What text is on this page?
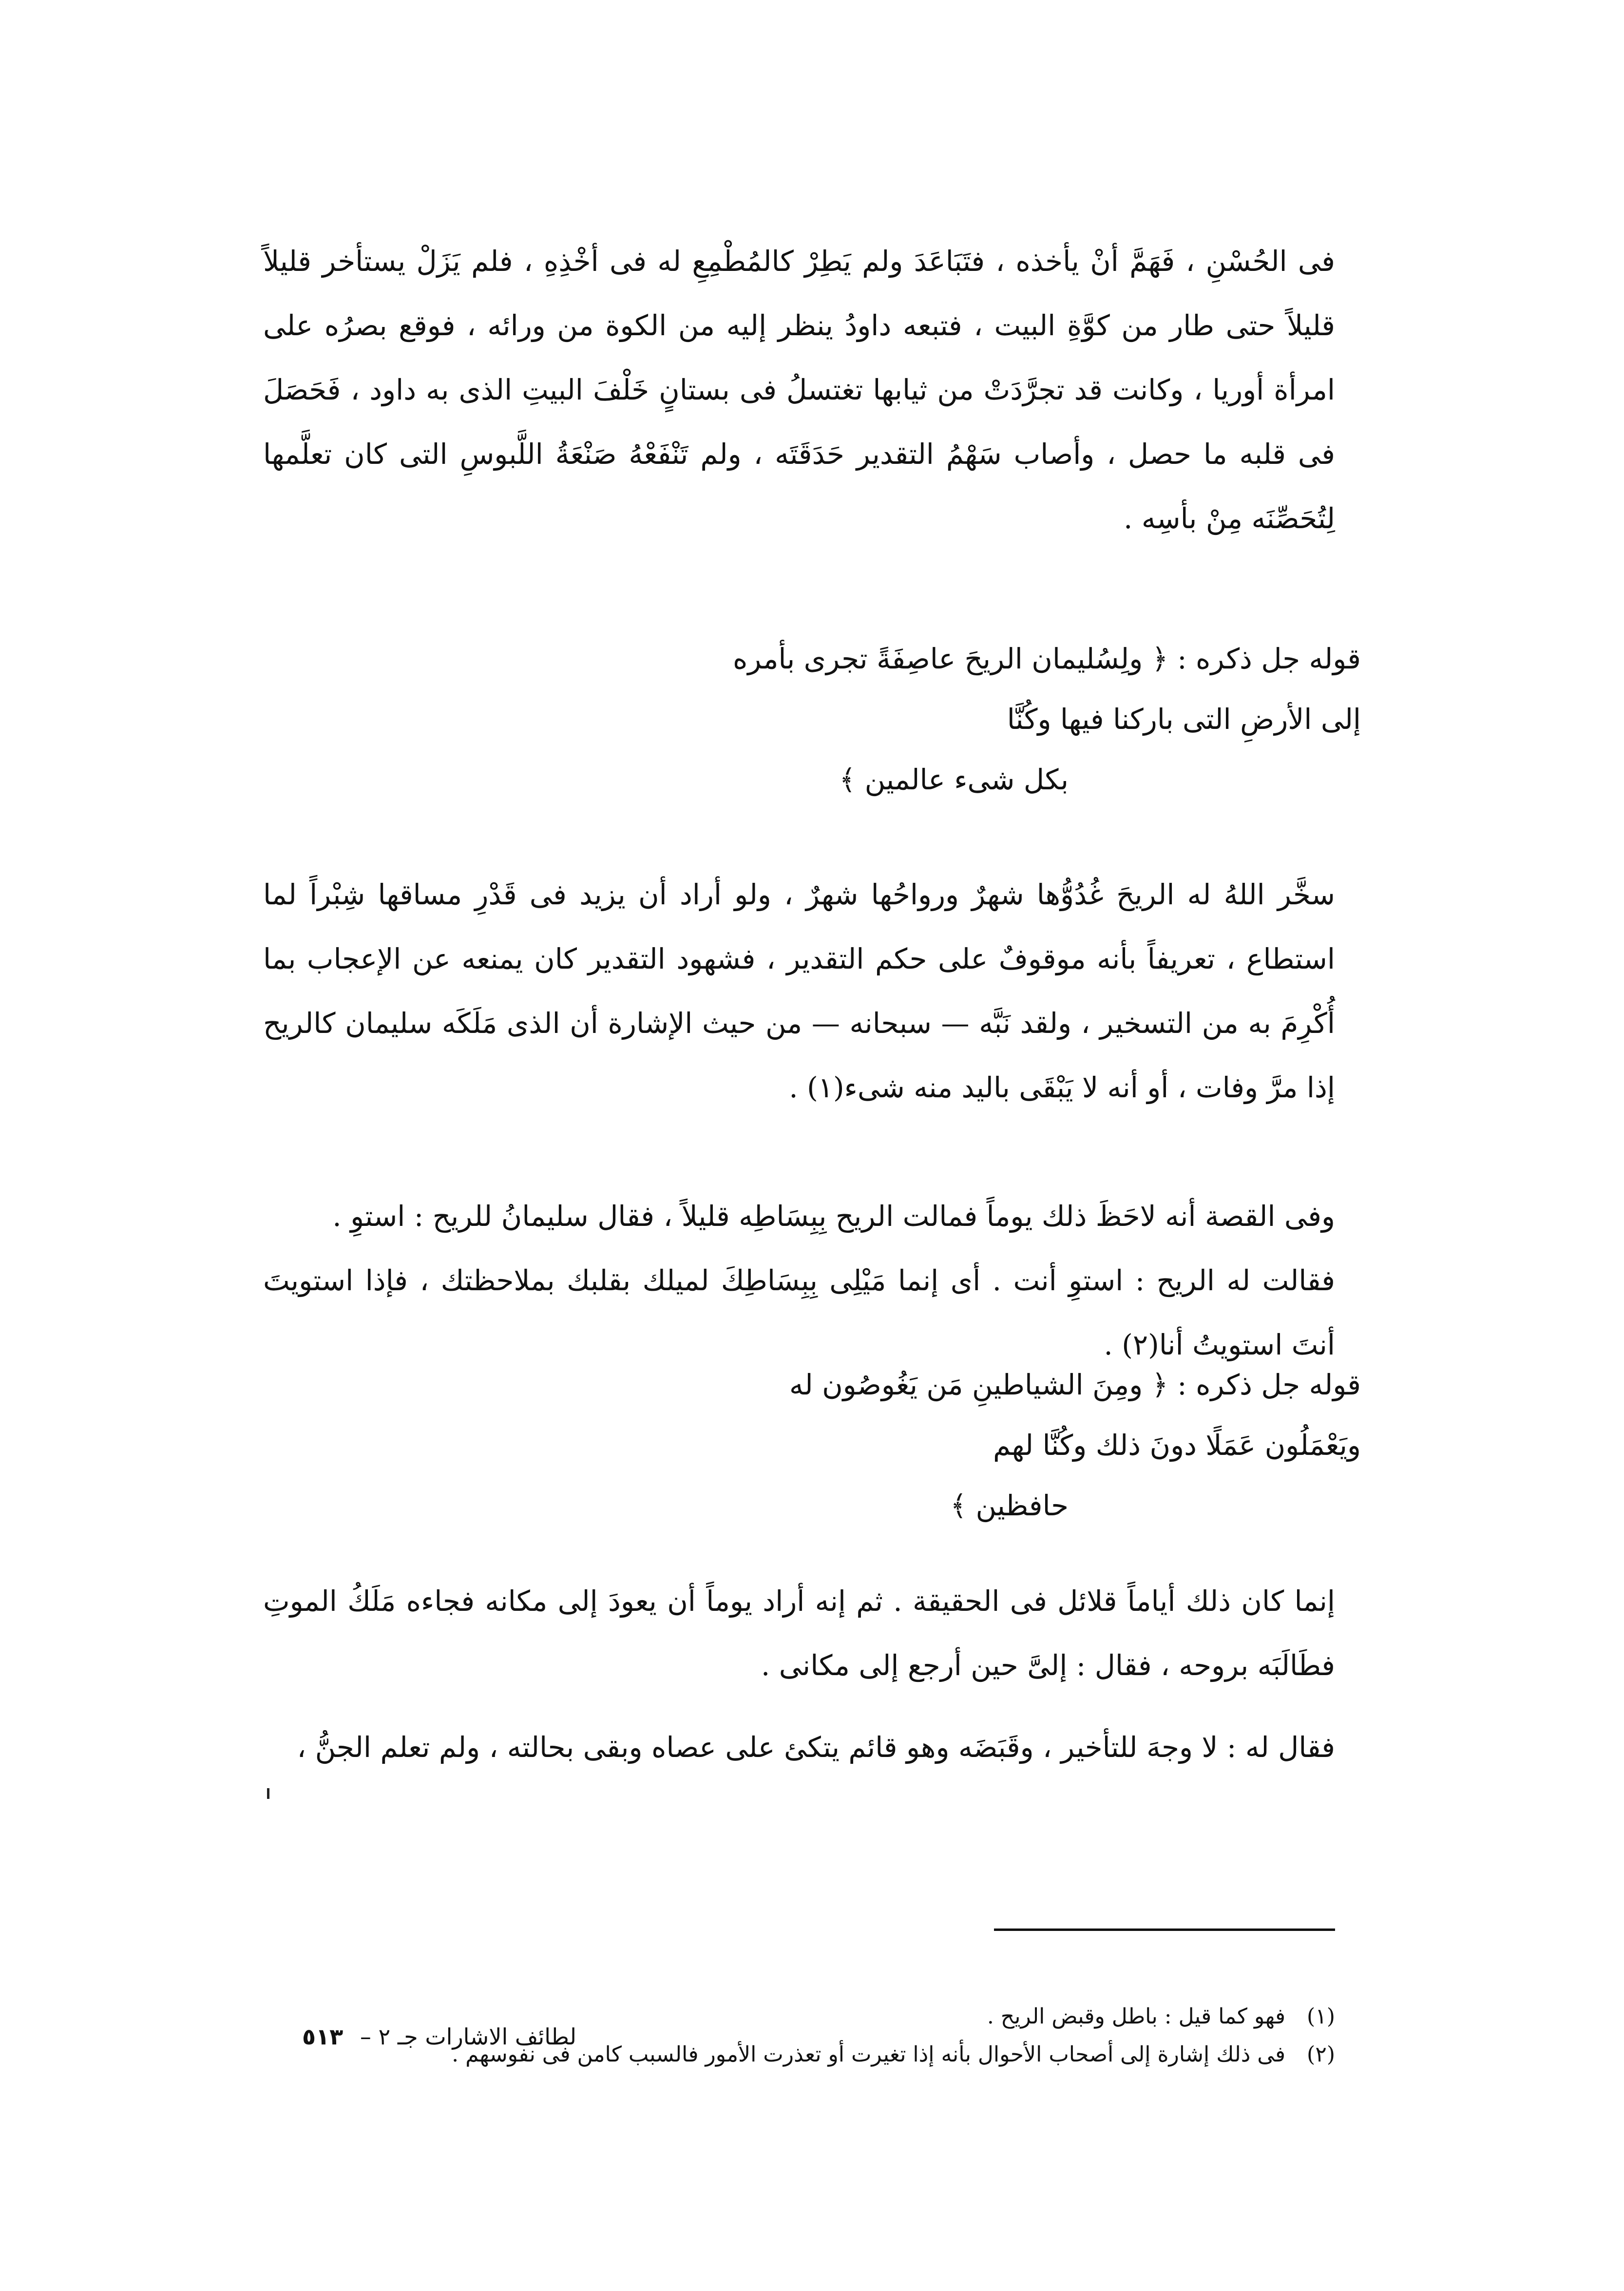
فى الحُسْنِ ، فَهَمَّ أنْ يأخذه ، فتَبَاعَدَ ولم يَطِرْ كالمُطْمِعِ له فى أخْذِهِ ، فلم يَزَلْ يستأخر قليلاً قليلاً حتى طار من كوَّةِ البيت ، فتبعه داودُ ينظر إليه من الكوة من ورائه ، فوقع بصرُه على امرأة أوريا ، وكانت قد تجرَّدَتْ من ثيابها تغتسلُ فى بستانٍ خَلْفَ البيتِ الذى به داود ، فَحَصَلَ فى قلبه ما حصل ، وأصاب سَهْمُ التقدير حَدَقَتَه ، ولم تَنْفَعْهُ صَنْعَةُ اللَّبوسِ التى كان تعلَّمها لِتُحَصِّنَه مِنْ بأسِه .

قوله جل ذكره : ﴿ ولِسُليمان الريحَ عاصِفَةً تجرى بأمره
إلى الأرضِ التى باركنا فيها وكُنَّا
بكل شىء عالمين ﴾

سخَّر اللهُ له الريحَ غُدُوُّها شهرٌ ورواحُها شهرٌ ، ولو أراد أن يزيد فى قَدْرِ مساقها شِبْراً لما استطاع ، تعريفاً بأنه موقوفٌ على حكم التقدير ، فشهود التقدير كان يمنعه عن الإعجاب بما أُكْرِمَ به من التسخير ، ولقد نَبَّه — سبحانه — من حيث الإشارة أن الذى مَلَكَه سليمان كالريح إذا مرَّ وفات ، أو أنه لا يَبْقَى باليد منه شىء(١) .

وفى القصة أنه لاحَظَ ذلك يوماً فمالت الريح بِبِسَاطِه قليلاً ، فقال سليمانُ للريح : استوِ .
فقالت له الريح : استوِ أنت . أى إنما مَيْلِى بِبِسَاطِكَ لميلك بقلبك بملاحظتك ، فإذا استويتَ أنتَ استويتُ أنا(٢) .
قوله جل ذكره : ﴿ ومِنَ الشياطينِ مَن يَغُوصُون له
ويَعْمَلُون عَمَلًا دونَ ذلك وكُنَّا لهم
حافظين ﴾

إنما كان ذلك أياماً قلائل فى الحقيقة . ثم إنه أراد يوماً أن يعودَ إلى مكانه فجاءه مَلَكُ الموتِ فطَالَبَه بروحه ، فقال : إلىَّ حين أرجع إلى مكانى .

فقال له : لا وجهَ للتأخير ، وقَبَضَه وهو قائم يتكئ على عصاه وبقى بحالته ، ولم تعلم الجنُّ ،

(١) فهو كما قيل : باطل وقبض الريح .
(٢) فى ذلك إشارة إلى أصحاب الأحوال بأنه إذا تغيرت أو تعذرت الأمور فالسبب كامن فى نفوسهم .
لطائف الاشارات جـ ٢ – ٥١٣
